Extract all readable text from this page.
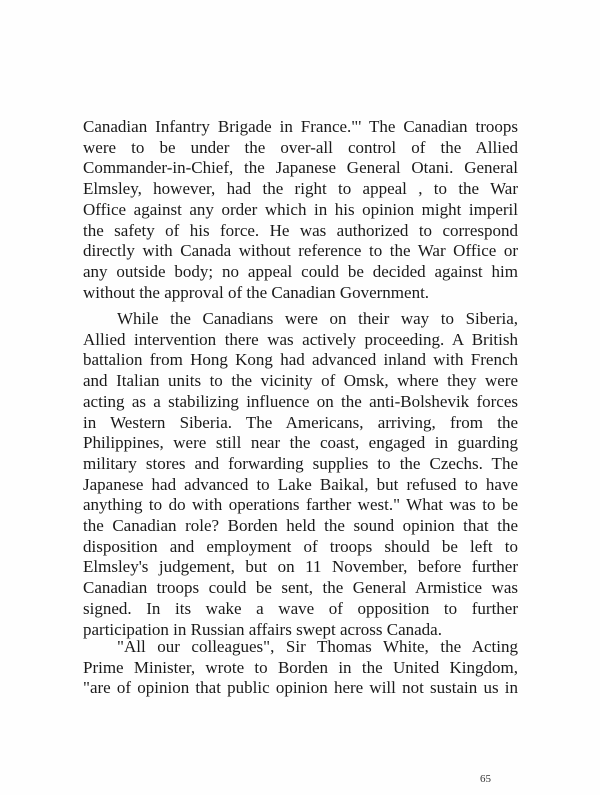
Canadian Infantry Brigade in France."' The Canadian troops
were to be under the over-all control of the Allied
Commander-in-Chief, the Japanese General Otani. General
Elmsley, however, had the right to appeal , to the War
Office against any order which in his opinion might imperil
the safety of his force. He was authorized to correspond
directly with Canada without reference to the War Office or
any outside body; no appeal could be decided against him
without the approval of the Canadian Government.
While the Canadians were on their way to Siberia,
Allied intervention there was actively proceeding. A British
battalion from Hong Kong had advanced inland with French
and Italian units to the vicinity of Omsk, where they were
acting as a stabilizing influence on the anti-Bolshevik forces
in Western Siberia. The Americans, arriving, from the
Philippines, were still near the coast, engaged in guarding
military stores and forwarding supplies to the Czechs. The
Japanese had advanced to Lake Baikal, but refused to have
anything to do with operations farther west." What was to be
the Canadian role? Borden held the sound opinion that the
disposition and employment of troops should be left to
Elmsley's judgement, but on 11 November, before further
Canadian troops could be sent, the General Armistice was
signed. In its wake a wave of opposition to further
participation in Russian affairs swept across Canada.
"All our colleagues", Sir Thomas White, the Acting
Prime Minister, wrote to Borden in the United Kingdom,
"are of opinion that public opinion here will not sustain us in
65
